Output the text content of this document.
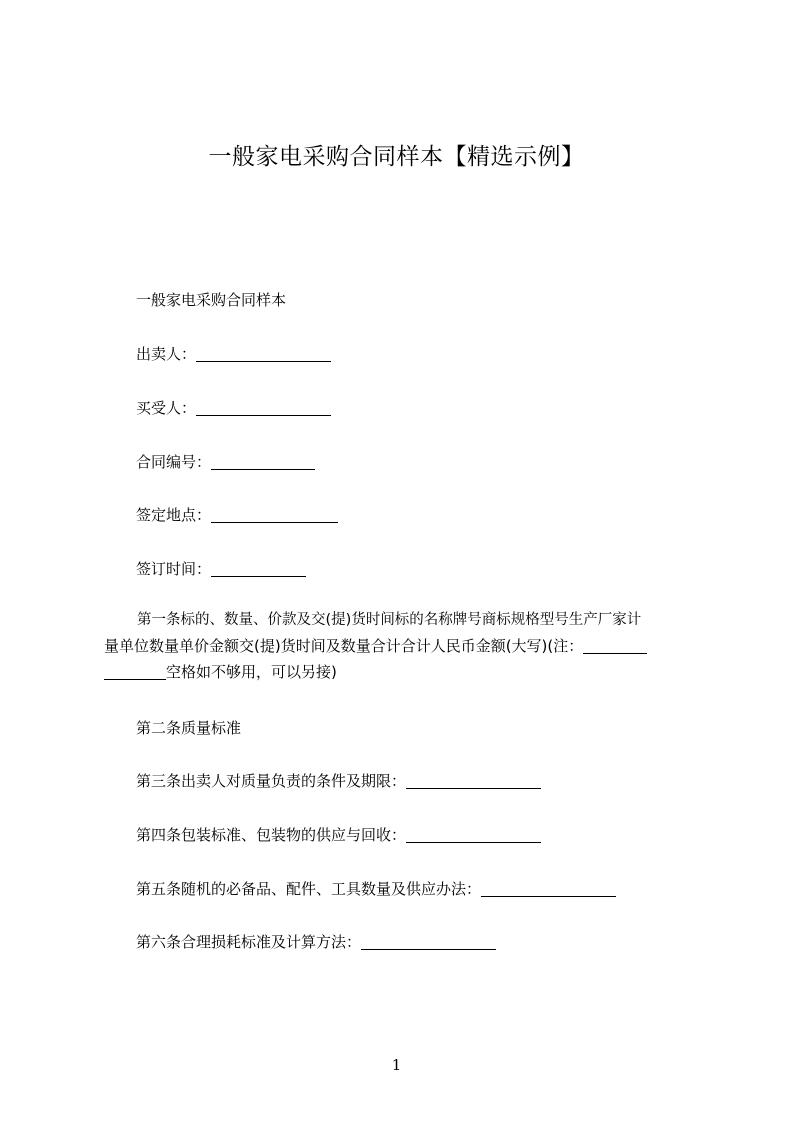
一般家电采购合同样本【精选示例】
一般家电采购合同样本
出卖人：
买受人：
合同编号：
签定地点：
签订时间：
第一条标的、数量、价款及交(提)货时间标的名称牌号商标规格型号生产厂家计
量单位数量单价金额交(提)货时间及数量合计合计人民币金额(大写)(注：
空格如不够用，可以另接)
第二条质量标准
第三条出卖人对质量负责的条件及期限：
第四条包装标准、包装物的供应与回收：
第五条随机的必备品、配件、工具数量及供应办法：
第六条合理损耗标准及计算方法：
1
